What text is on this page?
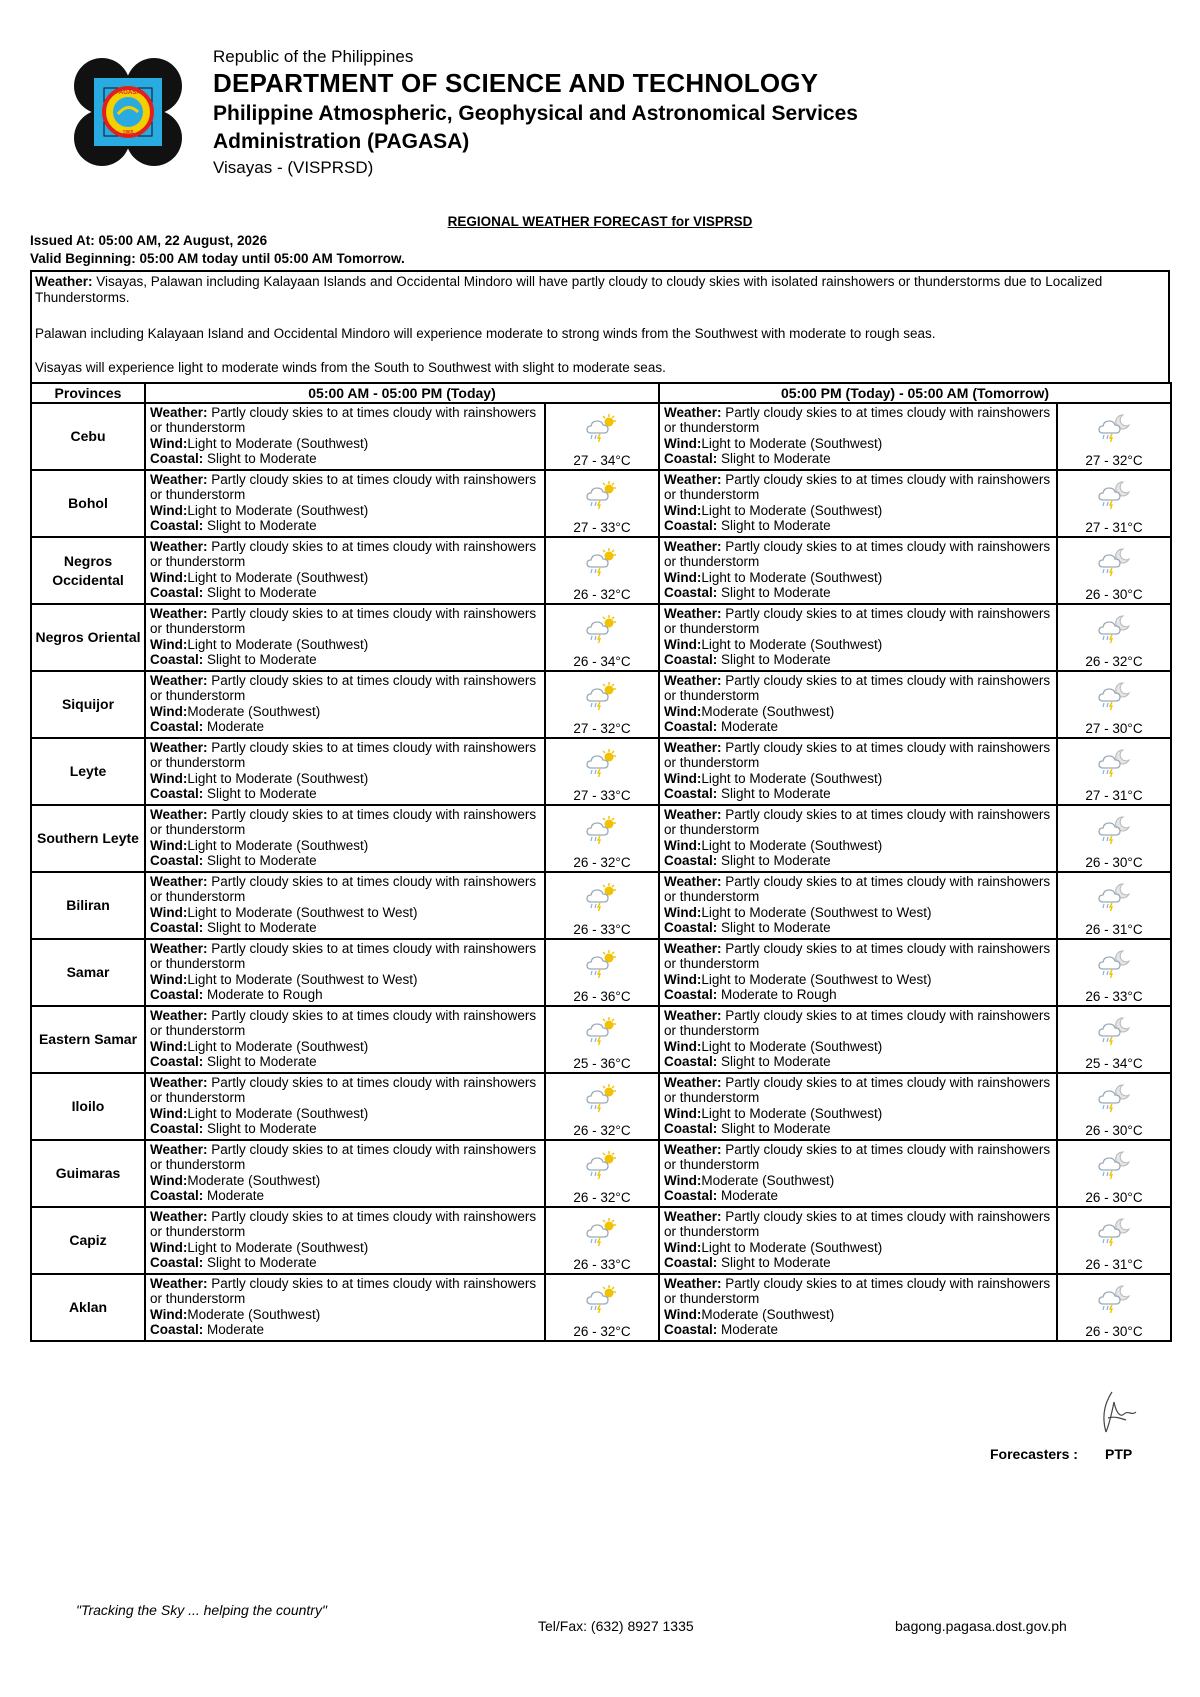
PAGASA
1865
Republic of the Philippines
DEPARTMENT OF SCIENCE AND TECHNOLOGY
Philippine Atmospheric, Geophysical and Astronomical Services
Administration (PAGASA)
Visayas - (VISPRSD)
REGIONAL WEATHER FORECAST for VISPRSD
Issued At: 05:00 AM, 22 August, 2026
Valid Beginning: 05:00 AM today until 05:00 AM Tomorrow.

Weather: Visayas, Palawan including Kalayaan Islands and Occidental Mindoro will have partly cloudy to cloudy skies with isolated rainshowers or thunderstorms due to Localized Thunderstorms.

Palawan including Kalayaan Island and Occidental Mindoro will experience moderate to strong winds from the Southwest with moderate to rough seas.

Visayas will experience light to moderate winds from the South to Southwest with slight to moderate seas.

Provinces	05:00 AM - 05:00 PM (Today)		05:00 PM (Today) - 05:00 AM (Tomorrow)	
Cebu	Weather: Partly cloudy skies to at times cloudy with rainshowers or thunderstorm
Wind:Light to Moderate (Southwest)
Coastal: Slight to Moderate	27 - 34°C	Weather: Partly cloudy skies to at times cloudy with rainshowers or thunderstorm
Wind:Light to Moderate (Southwest)
Coastal: Slight to Moderate	27 - 32°C

Bohol	Weather: Partly cloudy skies to at times cloudy with rainshowers or thunderstorm
Wind:Light to Moderate (Southwest)
Coastal: Slight to Moderate	27 - 33°C	Weather: Partly cloudy skies to at times cloudy with rainshowers or thunderstorm
Wind:Light to Moderate (Southwest)
Coastal: Slight to Moderate	27 - 31°C

Negros Occidental	Weather: Partly cloudy skies to at times cloudy with rainshowers or thunderstorm
Wind:Light to Moderate (Southwest)
Coastal: Slight to Moderate	26 - 32°C	Weather: Partly cloudy skies to at times cloudy with rainshowers or thunderstorm
Wind:Light to Moderate (Southwest)
Coastal: Slight to Moderate	26 - 30°C

Negros Oriental	Weather: Partly cloudy skies to at times cloudy with rainshowers or thunderstorm
Wind:Light to Moderate (Southwest)
Coastal: Slight to Moderate	26 - 34°C	Weather: Partly cloudy skies to at times cloudy with rainshowers or thunderstorm
Wind:Light to Moderate (Southwest)
Coastal: Slight to Moderate	26 - 32°C

Siquijor	Weather: Partly cloudy skies to at times cloudy with rainshowers or thunderstorm
Wind:Moderate (Southwest)
Coastal: Moderate	27 - 32°C	Weather: Partly cloudy skies to at times cloudy with rainshowers or thunderstorm
Wind:Moderate (Southwest)
Coastal: Moderate	27 - 30°C

Leyte	Weather: Partly cloudy skies to at times cloudy with rainshowers or thunderstorm
Wind:Light to Moderate (Southwest)
Coastal: Slight to Moderate	27 - 33°C	Weather: Partly cloudy skies to at times cloudy with rainshowers or thunderstorm
Wind:Light to Moderate (Southwest)
Coastal: Slight to Moderate	27 - 31°C

Southern Leyte	Weather: Partly cloudy skies to at times cloudy with rainshowers or thunderstorm
Wind:Light to Moderate (Southwest)
Coastal: Slight to Moderate	26 - 32°C	Weather: Partly cloudy skies to at times cloudy with rainshowers or thunderstorm
Wind:Light to Moderate (Southwest)
Coastal: Slight to Moderate	26 - 30°C

Biliran	Weather: Partly cloudy skies to at times cloudy with rainshowers or thunderstorm
Wind:Light to Moderate (Southwest to West)
Coastal: Slight to Moderate	26 - 33°C	Weather: Partly cloudy skies to at times cloudy with rainshowers or thunderstorm
Wind:Light to Moderate (Southwest to West)
Coastal: Slight to Moderate	26 - 31°C

Samar	Weather: Partly cloudy skies to at times cloudy with rainshowers or thunderstorm
Wind:Light to Moderate (Southwest to West)
Coastal: Moderate to Rough	26 - 36°C	Weather: Partly cloudy skies to at times cloudy with rainshowers or thunderstorm
Wind:Light to Moderate (Southwest to West)
Coastal: Moderate to Rough	26 - 33°C

Eastern Samar	Weather: Partly cloudy skies to at times cloudy with rainshowers or thunderstorm
Wind:Light to Moderate (Southwest)
Coastal: Slight to Moderate	25 - 36°C	Weather: Partly cloudy skies to at times cloudy with rainshowers or thunderstorm
Wind:Light to Moderate (Southwest)
Coastal: Slight to Moderate	25 - 34°C

Iloilo	Weather: Partly cloudy skies to at times cloudy with rainshowers or thunderstorm
Wind:Light to Moderate (Southwest)
Coastal: Slight to Moderate	26 - 32°C	Weather: Partly cloudy skies to at times cloudy with rainshowers or thunderstorm
Wind:Light to Moderate (Southwest)
Coastal: Slight to Moderate	26 - 30°C

Guimaras	Weather: Partly cloudy skies to at times cloudy with rainshowers or thunderstorm
Wind:Moderate (Southwest)
Coastal: Moderate	26 - 32°C	Weather: Partly cloudy skies to at times cloudy with rainshowers or thunderstorm
Wind:Moderate (Southwest)
Coastal: Moderate	26 - 30°C

Capiz	Weather: Partly cloudy skies to at times cloudy with rainshowers or thunderstorm
Wind:Light to Moderate (Southwest)
Coastal: Slight to Moderate	26 - 33°C	Weather: Partly cloudy skies to at times cloudy with rainshowers or thunderstorm
Wind:Light to Moderate (Southwest)
Coastal: Slight to Moderate	26 - 31°C

Aklan	Weather: Partly cloudy skies to at times cloudy with rainshowers or thunderstorm
Wind:Moderate (Southwest)
Coastal: Moderate	26 - 32°C	Weather: Partly cloudy skies to at times cloudy with rainshowers or thunderstorm
Wind:Moderate (Southwest)
Coastal: Moderate	26 - 30°C
Forecasters : PTP
"Tracking the Sky ... helping the country"
Tel/Fax: (632) 8927 1335	bagong.pagasa.dost.gov.ph
